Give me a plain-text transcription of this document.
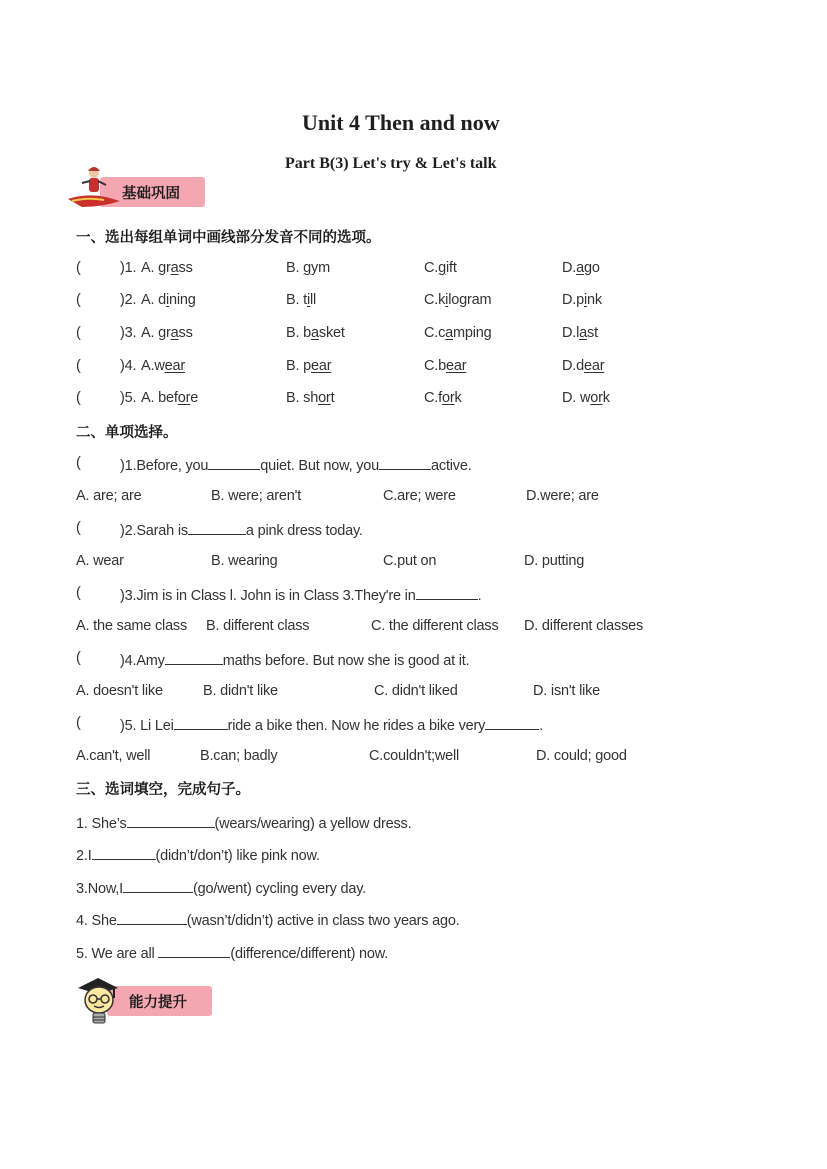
Unit 4 Then and now
Part B(3) Let's try & Let's talk
基础巩固
一、选出每组单词中画线部分发音不同的选项。
(	)1. A. grass	B. gym	C.gift	D.ago
(	)2. A. dining	B. till	C.kilogram	D.pink
(	)3. A. grass	B. basket	C.camping	D.last
(	)4. A.wear	B. pear	C.bear	D.dear
(	)5. A. before	B. short	C.fork	D. work
二、单项选择。
(	)1.Before, you	quiet. But now, you	active.
A. are; are	B. were; aren't	C.are; were	D.were; are
(	)2.Sarah is	a pink dress today.
A. wear	B. wearing	C.put on	D. putting
(	)3.Jim is in Class l. John is in Class 3.They're in	.
A. the same class B. different class	C. the different class D. different classes
(	)4.Amy	maths before. But now she is good at it.
A. doesn't like	B. didn't like	C. didn't liked	D. isn't like
(	)5. Li Lei	ride a bike then. Now he rides a bike very	.
A.can't, well	B.can; badly	C.couldn't;well	D. could; good
三、选词填空，完成句子。
1. She’s	(wears/wearing) a yellow dress.
2.I	(didn’t/don’t) like pink now.
3.Now,I	(go/went) cycling every day.
4. She	(wasn’t/didn’t) active in class two years ago.
5. We are all	(difference/different) now.
能力提升
